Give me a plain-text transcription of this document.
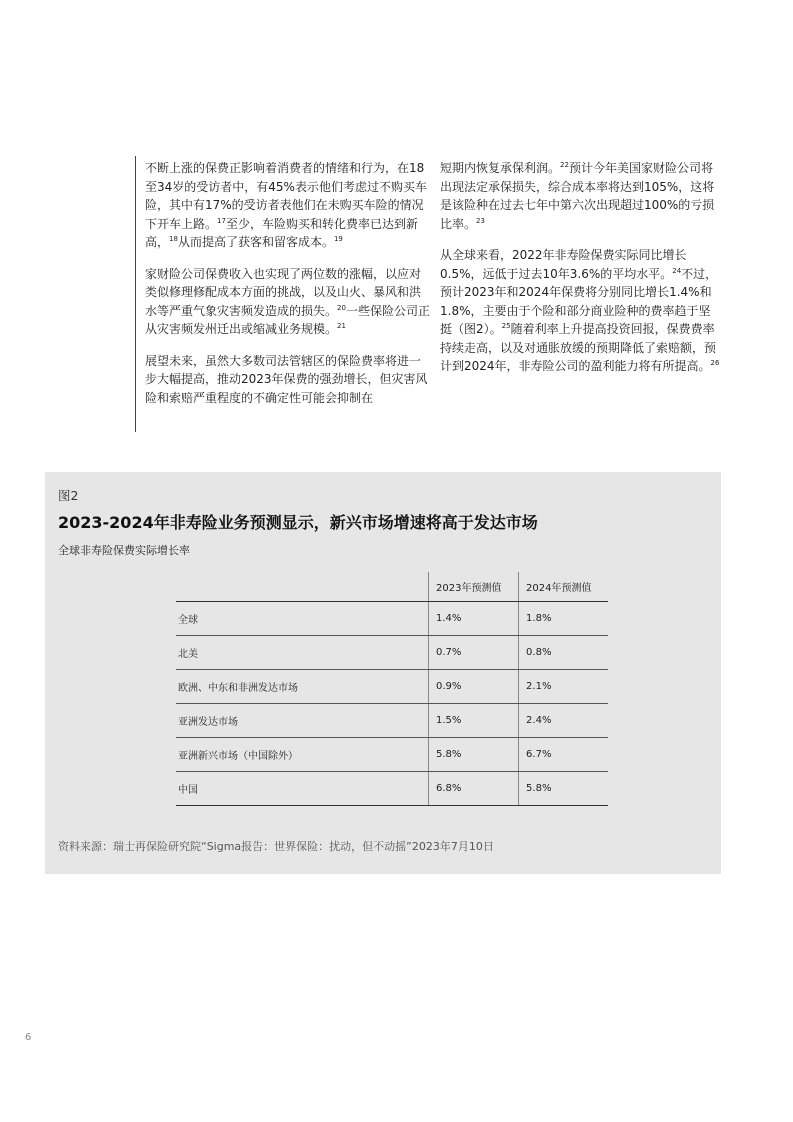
不断上涨的保费正影响着消费者的情绪和行为，在18至34岁的受访者中，有45%表示他们考虑过不购买车险，其中有17%的受访者表他们在未购买车险的情况下开车上路。$^{17}$至少，车险购买和转化费率已达到新高，$^{18}$从而提高了获客和留客成本。$^{19}$

家财险公司保费收入也实现了两位数的涨幅，以应对类似修理修配成本方面的挑战，以及山火、暴风和洪水等严重气象灾害频发造成的损失。$^{20}$一些保险公司正从灾害频发州迁出或缩减业务规模。$^{21}$

展望未来，虽然大多数司法管辖区的保险费率将进一步大幅提高，推动2023年保费的强劲增长，但灾害风险和索赔严重程度的不确定性可能会抑制在

短期内恢复承保利润。$^{22}$预计今年美国家财险公司将出现法定承保损失，综合成本率将达到105%，这将是该险种在过去七年中第六次出现超过100%的亏损比率。$^{23}$

从全球来看，2022年非寿险保费实际同比增长0.5%，远低于过去10年3.6%的平均水平。$^{24}$不过，预计2023年和2024年保费将分别同比增长1.4%和1.8%，主要由于个险和部分商业险种的费率趋于坚挺（图2）。$^{25}$随着利率上升提高投资回报，保费费率持续走高，以及对通胀放缓的预期降低了索赔额，预计到2024年，非寿险公司的盈利能力将有所提高。$^{26}$

图2
2023-2024年非寿险业务预测显示，新兴市场增速将高于发达市场
全球非寿险保费实际增长率
	2023年预测值	2024年预测值
全球	1.4%	1.8%
北美	0.7%	0.8%
欧洲、中东和非洲发达市场	0.9%	2.1%
亚洲发达市场	1.5%	2.4%
亚洲新兴市场（中国除外）	5.8%	6.7%
中国	6.8%	5.8%
资料来源：瑞士再保险研究院“Sigma报告：世界保险：扰动，但不动摇”2023年7月10日
6
